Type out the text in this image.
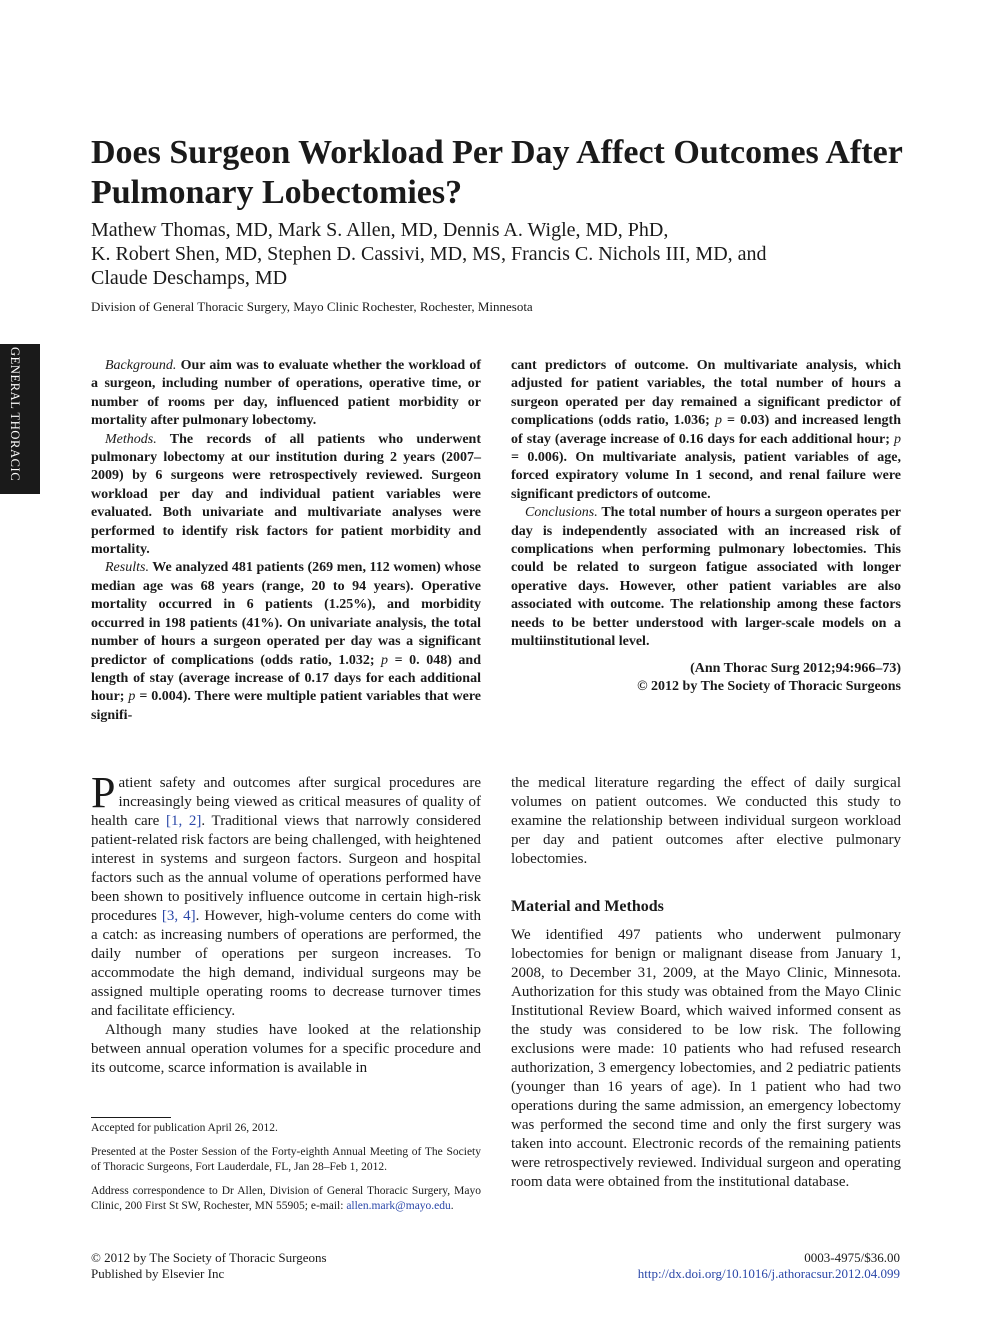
GENERAL THORACIC
Does Surgeon Workload Per Day Affect Outcomes After Pulmonary Lobectomies?
Mathew Thomas, MD, Mark S. Allen, MD, Dennis A. Wigle, MD, PhD,
K. Robert Shen, MD, Stephen D. Cassivi, MD, MS, Francis C. Nichols III, MD, and
Claude Deschamps, MD
Division of General Thoracic Surgery, Mayo Clinic Rochester, Rochester, Minnesota

Background. Our aim was to evaluate whether the workload of a surgeon, including number of operations, operative time, or number of rooms per day, influenced patient morbidity or mortality after pulmonary lobectomy.

Methods. The records of all patients who underwent pulmonary lobectomy at our institution during 2 years (2007–2009) by 6 surgeons were retrospectively reviewed. Surgeon workload per day and individual patient variables were evaluated. Both univariate and multivariate analyses were performed to identify risk factors for patient morbidity and mortality.

Results. We analyzed 481 patients (269 men, 112 women) whose median age was 68 years (range, 20 to 94 years). Operative mortality occurred in 6 patients (1.25%), and morbidity occurred in 198 patients (41%). On univariate analysis, the total number of hours a surgeon operated per day was a significant predictor of complications (odds ratio, 1.032; p = 0. 048) and length of stay (average increase of 0.17 days for each additional hour; p = 0.004). There were multiple patient variables that were signifi-

cant predictors of outcome. On multivariate analysis, which adjusted for patient variables, the total number of hours a surgeon operated per day remained a significant predictor of complications (odds ratio, 1.036; p = 0.03) and increased length of stay (average increase of 0.16 days for each additional hour; p = 0.006). On multivariate analysis, patient variables of age, forced expiratory volume In 1 second, and renal failure were significant predictors of outcome.

Conclusions. The total number of hours a surgeon operates per day is independently associated with an increased risk of complications when performing pulmonary lobectomies. This could be related to surgeon fatigue associated with longer operative days. However, other patient variables are also associated with outcome. The relationship among these factors needs to be better understood with larger-scale models on a multiinstitutional level.

(Ann Thorac Surg 2012;94:966–73)
© 2012 by The Society of Thoracic Surgeons

Patient safety and outcomes after surgical procedures are increasingly being viewed as critical measures of quality of health care [1, 2]. Traditional views that narrowly considered patient-related risk factors are being challenged, with heightened interest in systems and surgeon factors. Surgeon and hospital factors such as the annual volume of operations performed have been shown to positively influence outcome in certain high-risk procedures [3, 4]. However, high-volume centers do come with a catch: as increasing numbers of operations are performed, the daily number of operations per surgeon increases. To accommodate the high demand, individual surgeons may be assigned multiple operating rooms to decrease turnover times and facilitate efficiency.

Although many studies have looked at the relationship between annual operation volumes for a specific procedure and its outcome, scarce information is available in

the medical literature regarding the effect of daily surgical volumes on patient outcomes. We conducted this study to examine the relationship between individual surgeon workload per day and patient outcomes after elective pulmonary lobectomies.

Material and Methods

We identified 497 patients who underwent pulmonary lobectomies for benign or malignant disease from January 1, 2008, to December 31, 2009, at the Mayo Clinic, Minnesota. Authorization for this study was obtained from the Mayo Clinic Institutional Review Board, which waived informed consent as the study was considered to be low risk. The following exclusions were made: 10 patients who had refused research authorization, 3 emergency lobectomies, and 2 pediatric patients (younger than 16 years of age). In 1 patient who had two operations during the same admission, an emergency lobectomy was performed the second time and only the first surgery was taken into account. Electronic records of the remaining patients were retrospectively reviewed. Individual surgeon and operating room data were obtained from the institutional database.

Accepted for publication April 26, 2012.

Presented at the Poster Session of the Forty-eighth Annual Meeting of The Society of Thoracic Surgeons, Fort Lauderdale, FL, Jan 28–Feb 1, 2012.

Address correspondence to Dr Allen, Division of General Thoracic Surgery, Mayo Clinic, 200 First St SW, Rochester, MN 55905; e-mail: allen.mark@mayo.edu.

© 2012 by The Society of Thoracic Surgeons
Published by Elsevier Inc
0003-4975/$36.00
http://dx.doi.org/10.1016/j.athoracsur.2012.04.099
